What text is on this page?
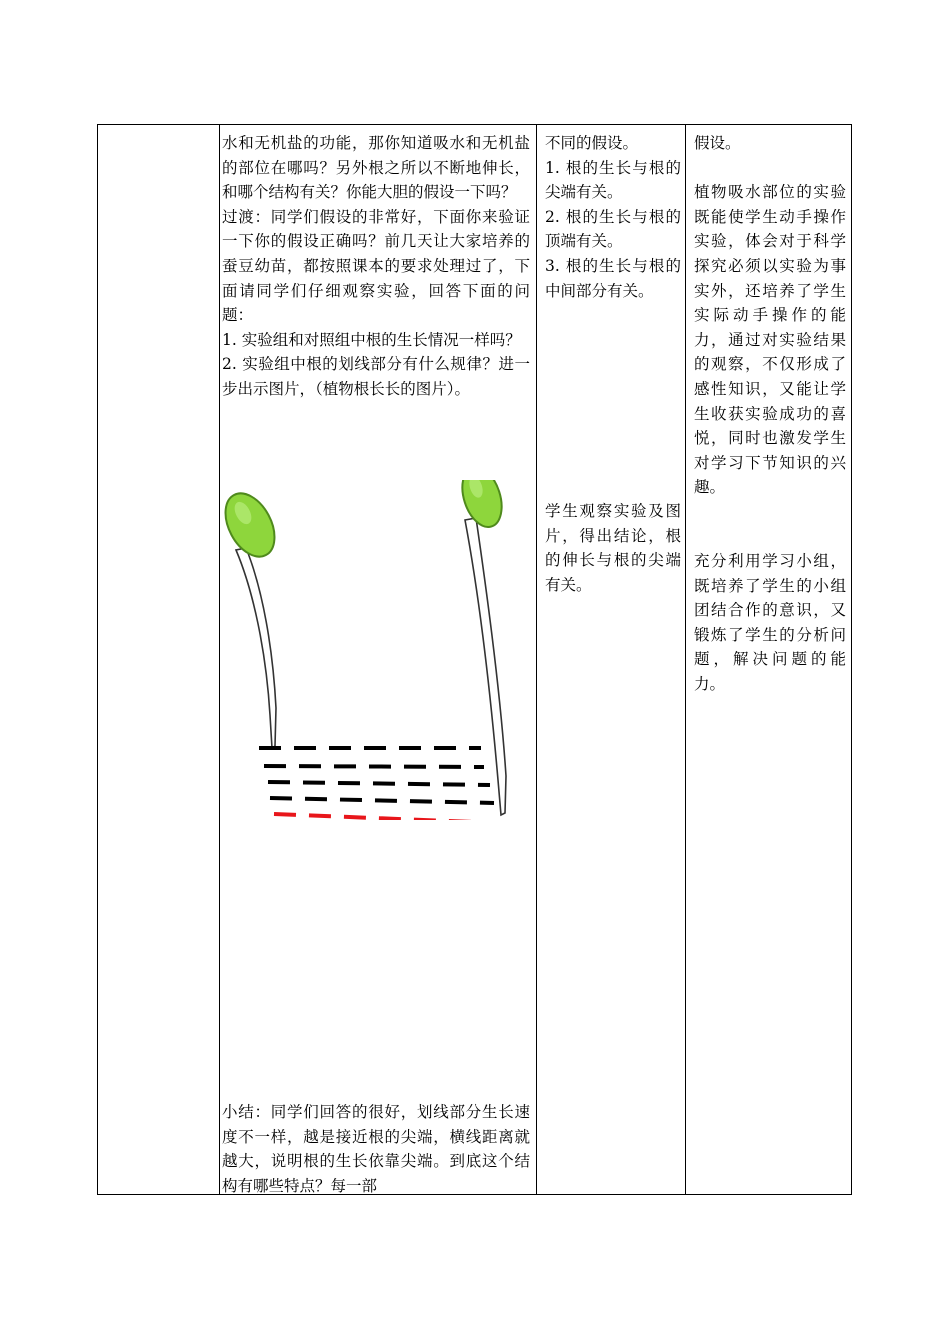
水和无机盐的功能，那你知道吸水和无机盐的部位在哪吗？另外根之所以不断地伸长，和哪个结构有关？你能大胆的假设一下吗？

过渡：同学们假设的非常好，下面你来验证一下你的假设正确吗？前几天让大家培养的蚕豆幼苗，都按照课本的要求处理过了，下面请同学们仔细观察实验，回答下面的问题：

1. 实验组和对照组中根的生长情况一样吗？

2. 实验组中根的划线部分有什么规律？进一步出示图片，（植物根长长的图片）。

不同的假设。

1. 根的生长与根的尖端有关。

2. 根的生长与根的顶端有关。

3. 根的生长与根的中间部分有关。

学生观察实验及图片，得出结论，根的伸长与根的尖端有关。

假设。

植物吸水部位的实验既能使学生动手操作实验，体会对于科学探究必须以实验为事实外，还培养了学生实际动手操作的能力，通过对实验结果的观察，不仅形成了感性知识，又能让学生收获实验成功的喜悦，同时也激发学生对学习下节知识的兴趣。

充分利用学习小组，既培养了学生的小组团结合作的意识，又锻炼了学生的分析问题，解决问题的能力。

小结：同学们回答的很好，划线部分生长速度不一样，越是接近根的尖端，横线距离就越大，说明根的生长依靠尖端。到底这个结构有哪些特点？每一部
